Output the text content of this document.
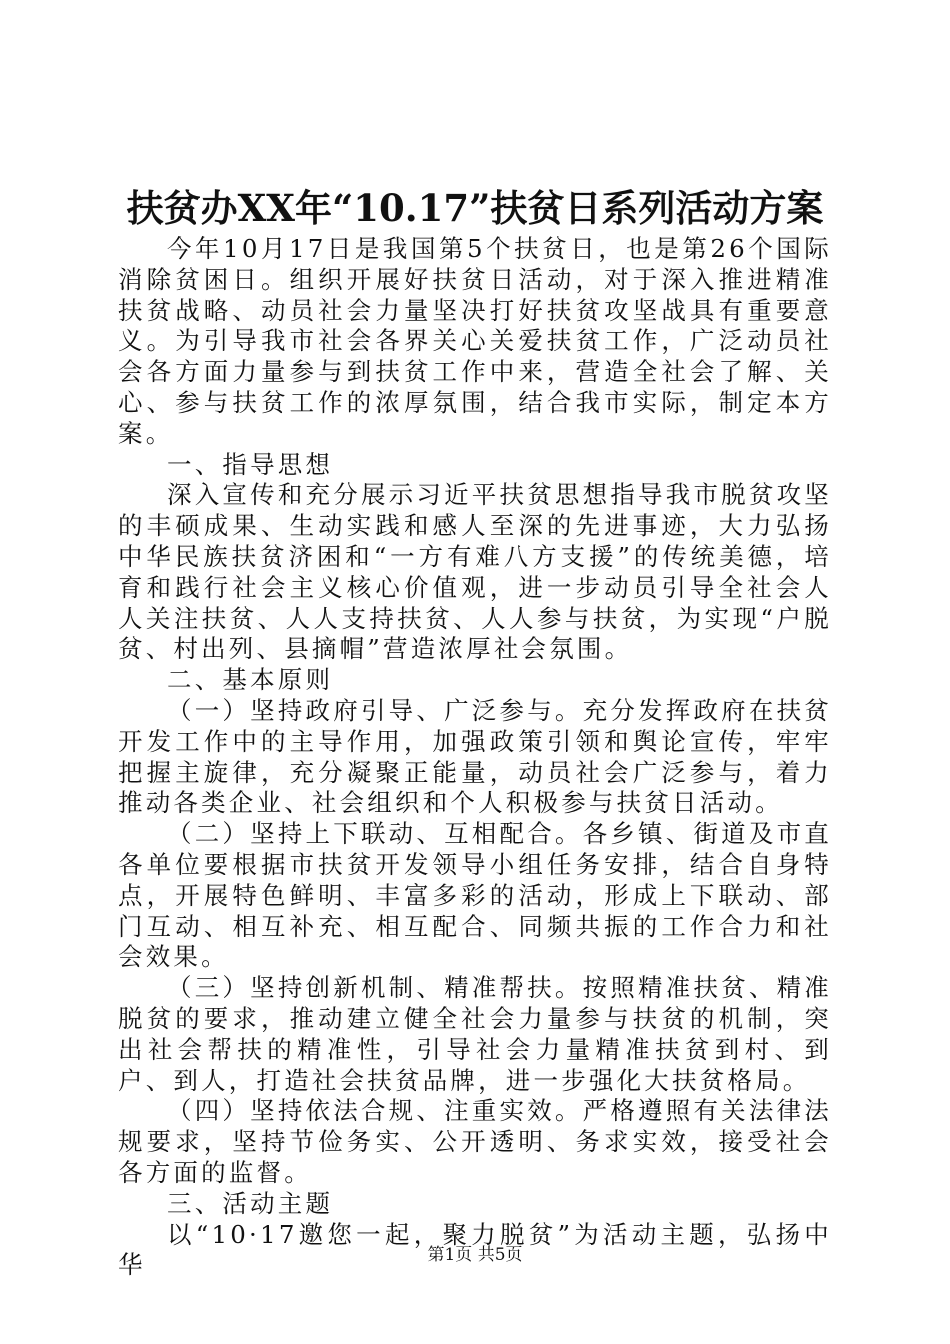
扶贫办XX年“10.17”扶贫日系列活动方案

今年10月17日是我国第5个扶贫日，也是第26个国际消除贫困日。组织开展好扶贫日活动，对于深入推进精准扶贫战略、动员社会力量坚决打好扶贫攻坚战具有重要意义。为引导我市社会各界关心关爱扶贫工作，广泛动员社会各方面力量参与到扶贫工作中来，营造全社会了解、关心、参与扶贫工作的浓厚氛围，结合我市实际，制定本方案。

一、指导思想

深入宣传和充分展示习近平扶贫思想指导我市脱贫攻坚的丰硕成果、生动实践和感人至深的先进事迹，大力弘扬中华民族扶贫济困和“一方有难八方支援”的传统美德，培育和践行社会主义核心价值观，进一步动员引导全社会人人关注扶贫、人人支持扶贫、人人参与扶贫，为实现“户脱贫、村出列、县摘帽”营造浓厚社会氛围。

二、基本原则

（一）坚持政府引导、广泛参与。充分发挥政府在扶贫开发工作中的主导作用，加强政策引领和舆论宣传，牢牢把握主旋律，充分凝聚正能量，动员社会广泛参与，着力推动各类企业、社会组织和个人积极参与扶贫日活动。

（二）坚持上下联动、互相配合。各乡镇、街道及市直各单位要根据市扶贫开发领导小组任务安排，结合自身特点，开展特色鲜明、丰富多彩的活动，形成上下联动、部门互动、相互补充、相互配合、同频共振的工作合力和社会效果。

（三）坚持创新机制、精准帮扶。按照精准扶贫、精准脱贫的要求，推动建立健全社会力量参与扶贫的机制，突出社会帮扶的精准性，引导社会力量精准扶贫到村、到户、到人，打造社会扶贫品牌，进一步强化大扶贫格局。

（四）坚持依法合规、注重实效。严格遵照有关法律法规要求，坚持节俭务实、公开透明、务求实效，接受社会各方面的监督。

三、活动主题

以“10·17邀您一起，聚力脱贫”为活动主题，弘扬中华	第1页 共5页
